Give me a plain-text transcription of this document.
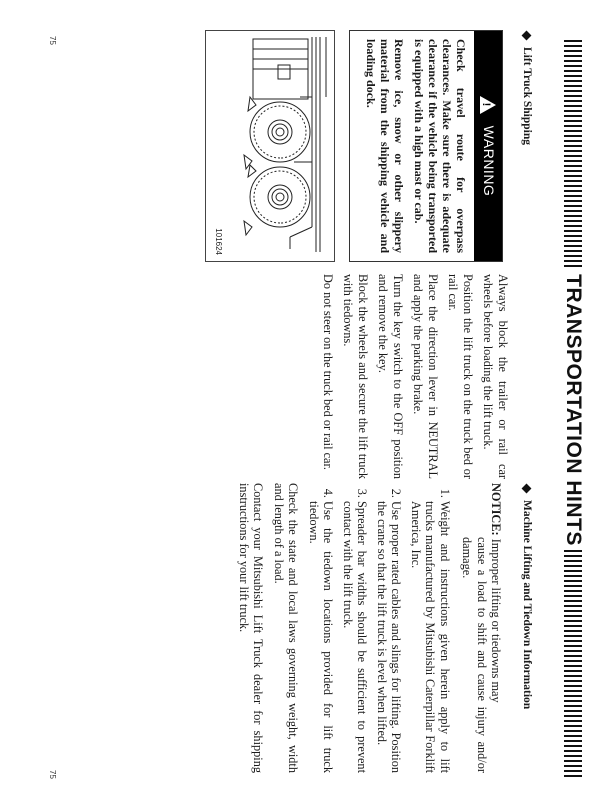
TRANSPORTATION HINTS
Lift Truck Shipping
!
WARNING

Check travel route for overpass clearances. Make sure there is adequate clearance if the vehicle being transported is equipped with a high mast or cab.

Remove ice, snow or other slippery material from the shipping vehicle and loading dock.

101624

Always block the trailer or rail car wheels before loading the lift truck.

Position the lift truck on the truck bed or rail car.

Place the direction lever in NEUTRAL and apply the parking brake.

Turn the key switch to the OFF position and remove the key.

Block the wheels and secure the lift truck with tiedowns.

Do not steer on the truck bed or rail car.

Machine Lifting and Tiedown Information
NOTICE: Improper lifting or tiedowns may
cause a load to shift and cause injury and/or damage.
1. Weight and instructions given herein apply to lift trucks manufactured by Mitsubishi Caterpillar Forklift America, Inc.
2. Use proper rated cables and slings for lifting. Position the crane so that the lift truck is level when lifted.
3. Spreader bar widths should be sufficient to prevent contact with the lift truck.
4. Use the tiedown locations provided for lift truck tiedown.

Check the state and local laws governing weight, width and length of a load.

Contact your Mitsubishi Lift Truck dealer for shipping instructions for your lift truck.

75
75
